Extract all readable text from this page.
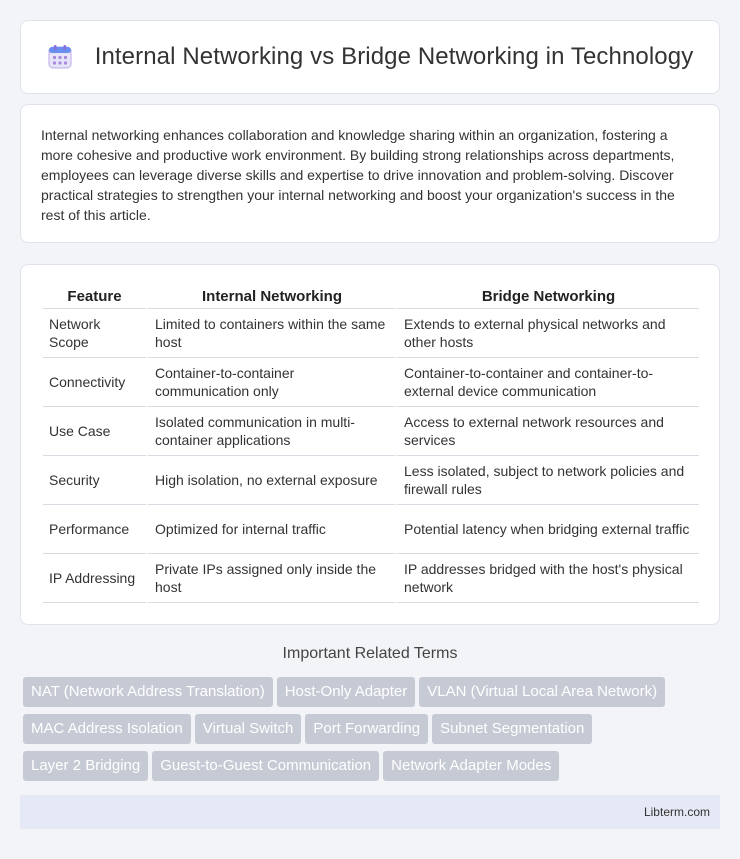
Internal Networking vs Bridge Networking in Technology

Internal networking enhances collaboration and knowledge sharing within an organization, fostering a more cohesive and productive work environment. By building strong relationships across departments, employees can leverage diverse skills and expertise to drive innovation and problem-solving. Discover practical strategies to strengthen your internal networking and boost your organization's success in the rest of this article.

Feature	Internal Networking	Bridge Networking
Network Scope	Limited to containers within the same host	Extends to external physical networks and other hosts
Connectivity	Container-to-container communication only	Container-to-container and container-to-external device communication
Use Case	Isolated communication in multi-container applications	Access to external network resources and services
Security	High isolation, no external exposure	Less isolated, subject to network policies and firewall rules
Performance	Optimized for internal traffic	Potential latency when bridging external traffic
IP Addressing	Private IPs assigned only inside the host	IP addresses bridged with the host's physical network
Important Related Terms
NAT (Network Address Translation) Host-Only Adapter VLAN (Virtual Local Area Network)
MAC Address Isolation Virtual Switch Port Forwarding Subnet Segmentation
Layer 2 Bridging Guest-to-Guest Communication Network Adapter Modes
Libterm.com
